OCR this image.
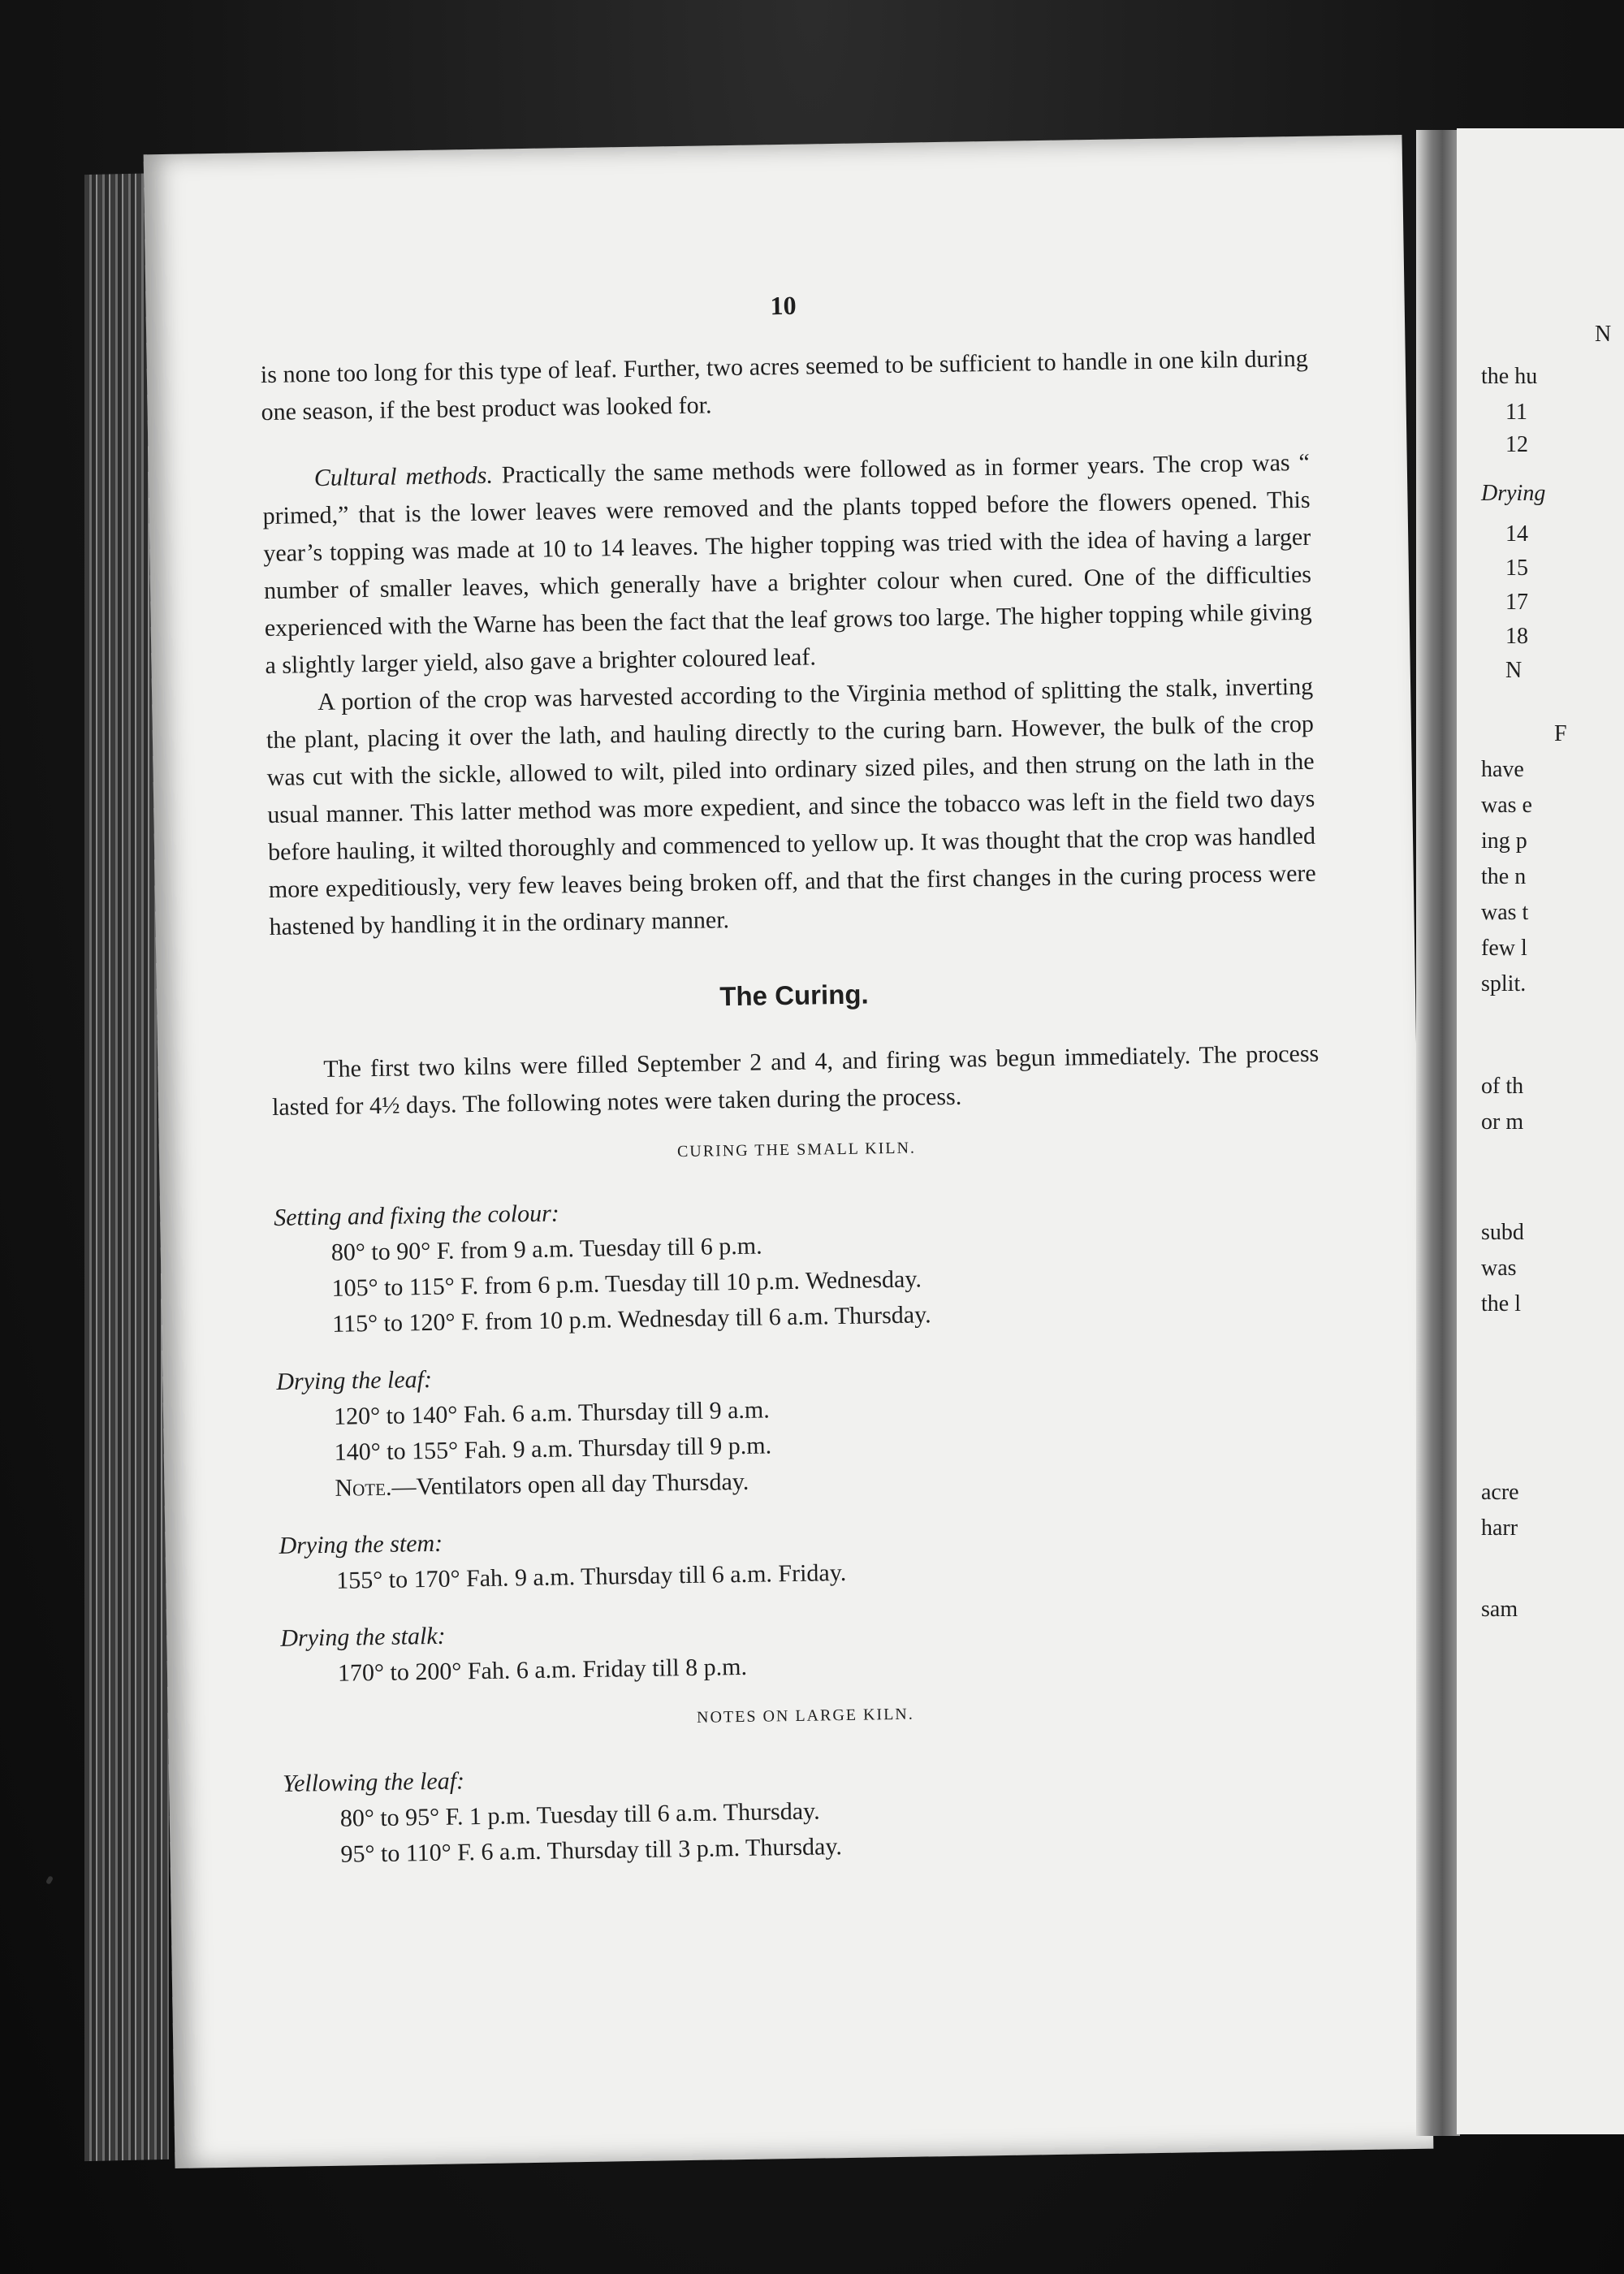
10

is none too long for this type of leaf. Further, two acres seemed to be sufficient to handle in one kiln during one season, if the best product was looked for.

Cultural methods. Practically the same methods were followed as in former years. The crop was “ primed,” that is the lower leaves were removed and the plants topped before the flowers opened. This year’s topping was made at 10 to 14 leaves. The higher topping was tried with the idea of having a larger number of smaller leaves, which generally have a brighter colour when cured. One of the difficulties experienced with the Warne has been the fact that the leaf grows too large. The higher topping while giving a slightly larger yield, also gave a brighter coloured leaf.

A portion of the crop was harvested according to the Virginia method of splitting the stalk, inverting the plant, placing it over the lath, and hauling directly to the curing barn. However, the bulk of the crop was cut with the sickle, allowed to wilt, piled into ordinary sized piles, and then strung on the lath in the usual manner. This latter method was more expedient, and since the tobacco was left in the field two days before hauling, it wilted thoroughly and commenced to yellow up. It was thought that the crop was handled more expeditiously, very few leaves being broken off, and that the first changes in the curing process were hastened by handling it in the ordinary manner.

The Curing.

The first two kilns were filled September 2 and 4, and firing was begun immediately. The process lasted for 4½ days. The following notes were taken during the process.

CURING THE SMALL KILN.
Setting and fixing the colour:
80° to 90° F. from 9 a.m. Tuesday till 6 p.m.
105° to 115° F. from 6 p.m. Tuesday till 10 p.m. Wednesday.
115° to 120° F. from 10 p.m. Wednesday till 6 a.m. Thursday.
Drying the leaf:
120° to 140° Fah. 6 a.m. Thursday till 9 a.m.
140° to 155° Fah. 9 a.m. Thursday till 9 p.m.
Note.—Ventilators open all day Thursday.
Drying the stem:
155° to 170° Fah. 9 a.m. Thursday till 6 a.m. Friday.
Drying the stalk:
170° to 200° Fah. 6 a.m. Friday till 8 p.m.
NOTES ON LARGE KILN.
Yellowing the leaf:
80° to 95° F. 1 p.m. Tuesday till 6 a.m. Thursday.
95° to 110° F. 6 a.m. Thursday till 3 p.m. Thursday.
N
the hu
11
12
Drying
14
15
17
18
N
F
have
was e
ing p
the n
was t
few l
split.
of th
or m
subd
was
the l
acre
harr
sam
